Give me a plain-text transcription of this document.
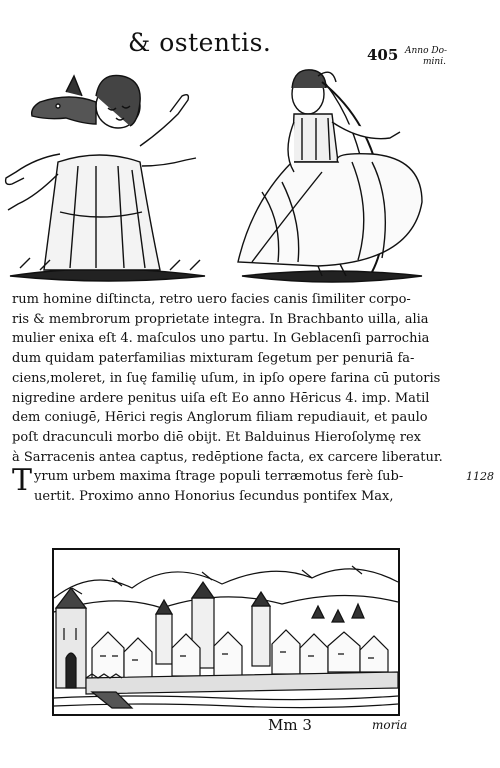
& ostentis.	405 Anno Do-
mini.
rum homine diſtincta, retro uero facies canis ſimiliter corpo-
ris & membrorum proprietate integra. In Brachbanto uilla, alia
mulier enixa eſt 4. maſculos uno partu. In Geblacenſi parrochia
dum quidam paterfamilias mixturam ſegetum per penuriā fa-
ciens,moleret, in ſuę familię uſum, in ipſo opere farina cū putoris
nigredine ardere penitus uiſa eſt Eo anno Hēricus 4. imp. Matil
dem coniugē, Hērici regis Anglorum filiam repudiauit, et paulo
poſt dracunculi morbo diē obijt. Et Balduinus Hieroſolymę rex
à Sarracenis antea captus, redēptione facta, ex carcere liberatur.
T yrum urbem maxima ſtrage populi terræmotus ferè ſub-
uertit. Proximo anno Honorius ſecundus pontifex Max,
1128
Mm 3	moria
